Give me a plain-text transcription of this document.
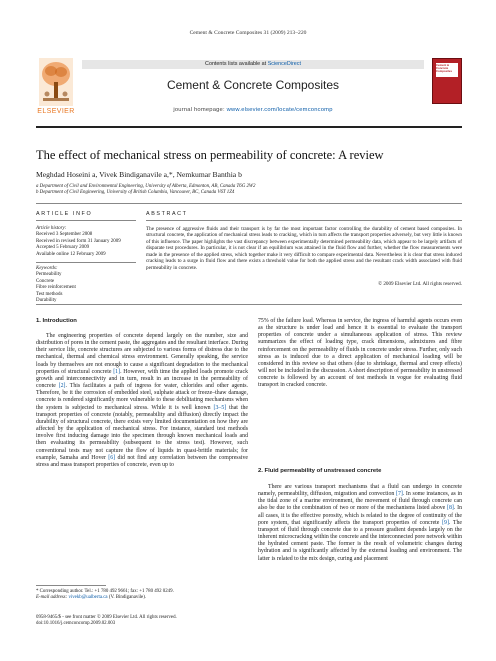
Cement & Concrete Composites 31 (2009) 213–220
ELSEVIER
Contents lists available at ScienceDirect
Cement & Concrete Composites
journal homepage: www.elsevier.com/locate/cemconcomp
Cement &
Concrete
Composites
The effect of mechanical stress on permeability of concrete: A review
Meghdad Hoseini a, Vivek Bindiganavile a,*, Nemkumar Banthia b
a Department of Civil and Environmental Engineering, University of Alberta, Edmonton, AB, Canada T6G 2W2
b Department of Civil Engineering, University of British Columbia, Vancouver, BC, Canada V6T 1Z4
ARTICLE INFO	ABSTRACT
Article history:
Received 3 September 2008
Received in revised form 31 January 2009
Accepted 5 February 2009
Available online 12 February 2009
Keywords:
Permeability
Concrete
Fibre reinforcement
Test methods
Durability
The presence of aggressive fluids and their transport is by far the most important factor controlling the durability of cement based composites. In structural concrete, the application of mechanical stress leads to cracking, which in turn affects the transport properties adversely, but very little is known of this influence. The paper highlights the vast discrepancy between experimentally determined permeability data, which appear to be largely artifacts of disparate test procedures. In particular, it is not clear if an equilibrium was attained in the fluid flow and further, whether the flow measurements were made in the presence of the applied stress, which together make it very difficult to compare experimental data. Nevertheless it is clear that stress induced cracking leads to a surge in fluid flow and there exists a threshold value for both the applied stress and the resultant crack width associated with fluid permeability in concrete.
© 2009 Elsevier Ltd. All rights reserved.
1. Introduction

The engineering properties of concrete depend largely on the number, size and distribution of pores in the cement paste, the aggregates and the resultant interface. During their service life, concrete structures are subjected to various forms of distress due to the mechanical, thermal and chemical stress environment. Generally speaking, the service loads by themselves are not enough to cause a significant degradation to the mechanical properties of structural concrete [1]. However, with time the applied loads promote crack growth and interconnectivity and in turn, result in an increase in the permeability of concrete [2]. This facilitates a path of ingress for water, chlorides and other agents. Therefore, be it the corrosion of embedded steel, sulphate attack or freeze–thaw damage, concrete is rendered significantly more vulnerable to these debilitating mechanisms when the system is subjected to mechanical stress. While it is well known [3–5] that the transport properties of concrete (notably, permeability and diffusion) directly impact the durability of structural concrete, there exists very limited documentation on how they are affected by the application of mechanical stress. For instance, standard test methods involve first inducing damage into the specimen through known mechanical loads and then evaluating its permeability (subsequent to the stress test). However, such conventional tests may not capture the flow of liquids in quasi-brittle materials; for example, Samaha and Hover [6] did not find any correlation between the compressive stress and mass transport properties of concrete, even up to

75% of the failure load. Whereas in service, the ingress of harmful agents occurs even as the structure is under load and hence it is essential to evaluate the transport properties of concrete under a simultaneous application of stress. This review summarizes the effect of loading type, crack dimensions, admixtures and fibre reinforcement on the permeability of fluids in concrete under stress. Further, only such stress as is induced due to a direct application of mechanical loading will be considered in this review so that others (due to shrinkage, thermal and creep effects) will not be included in the discussion. A short description of permeability in unstressed concrete is followed by an account of test methods in vogue for evaluating fluid transport in cracked concrete.

2. Fluid permeability of unstressed concrete

There are various transport mechanisms that a fluid can undergo in concrete namely, permeability, diffusion, migration and convection [7]. In some instances, as in the tidal zone of a marine environment, the movement of fluid through concrete can also be due to the combination of two or more of the mechanisms listed above [8]. In all cases, it is the effective porosity, which is related to the degree of continuity of the pore system, that significantly affects the transport properties of concrete [9]. The transport of fluid through concrete due to a pressure gradient depends largely on the inherent microcracking within the concrete and the interconnected pore network within the hydrated cement paste. The former is the result of volumetric changes during hydration and is significantly affected by the external loading and environment. The latter is related to the mix design, curing and placement

* Corresponding author. Tel.: +1 780 492 9661; fax: +1 780 492 0249.
E-mail address: vivekb@ualberta.ca (V. Bindiganavile).
0958-9465/$ - see front matter © 2009 Elsevier Ltd. All rights reserved.
doi:10.1016/j.cemconcomp.2009.02.003
